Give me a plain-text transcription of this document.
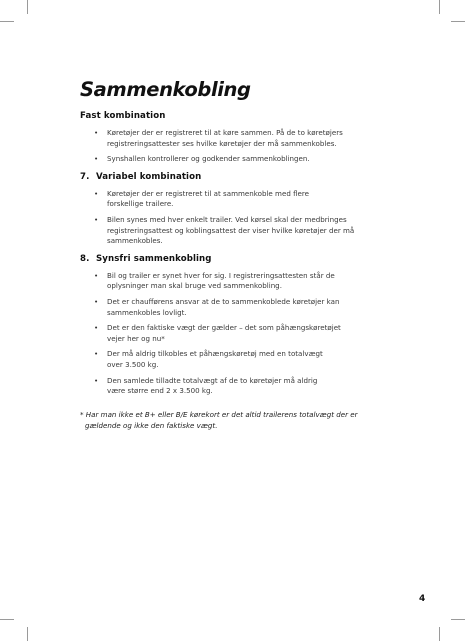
Sammenkobling
Fast kombination
• Køretøjer der er registreret til at køre sammen. På de to køretøjers
registreringsattester ses hvilke køretøjer der må sammenkobles.
• Synshallen kontrollerer og godkender sammenkoblingen.
7. Variabel kombination
• Køretøjer der er registreret til at sammenkoble med flere
forskellige trailere.
• Bilen synes med hver enkelt trailer. Ved kørsel skal der medbringes
registreringsattest og koblingsattest der viser hvilke køretøjer der må
sammenkobles.
8. Synsfri sammenkobling
• Bil og trailer er synet hver for sig. I registreringsattesten står de
oplysninger man skal bruge ved sammenkobling.
• Det er chaufførens ansvar at de to sammenkoblede køretøjer kan
sammenkobles lovligt.
• Det er den faktiske vægt der gælder – det som påhængskøretøjet
vejer her og nu*
• Der må aldrig tilkobles et påhængskøretøj med en totalvægt
over 3.500 kg.
• Den samlede tilladte totalvægt af de to køretøjer må aldrig
være større end 2 x 3.500 kg.
* Har man ikke et B+ eller B/E kørekort er det altid trailerens totalvægt der er
gældende og ikke den faktiske vægt.
4
